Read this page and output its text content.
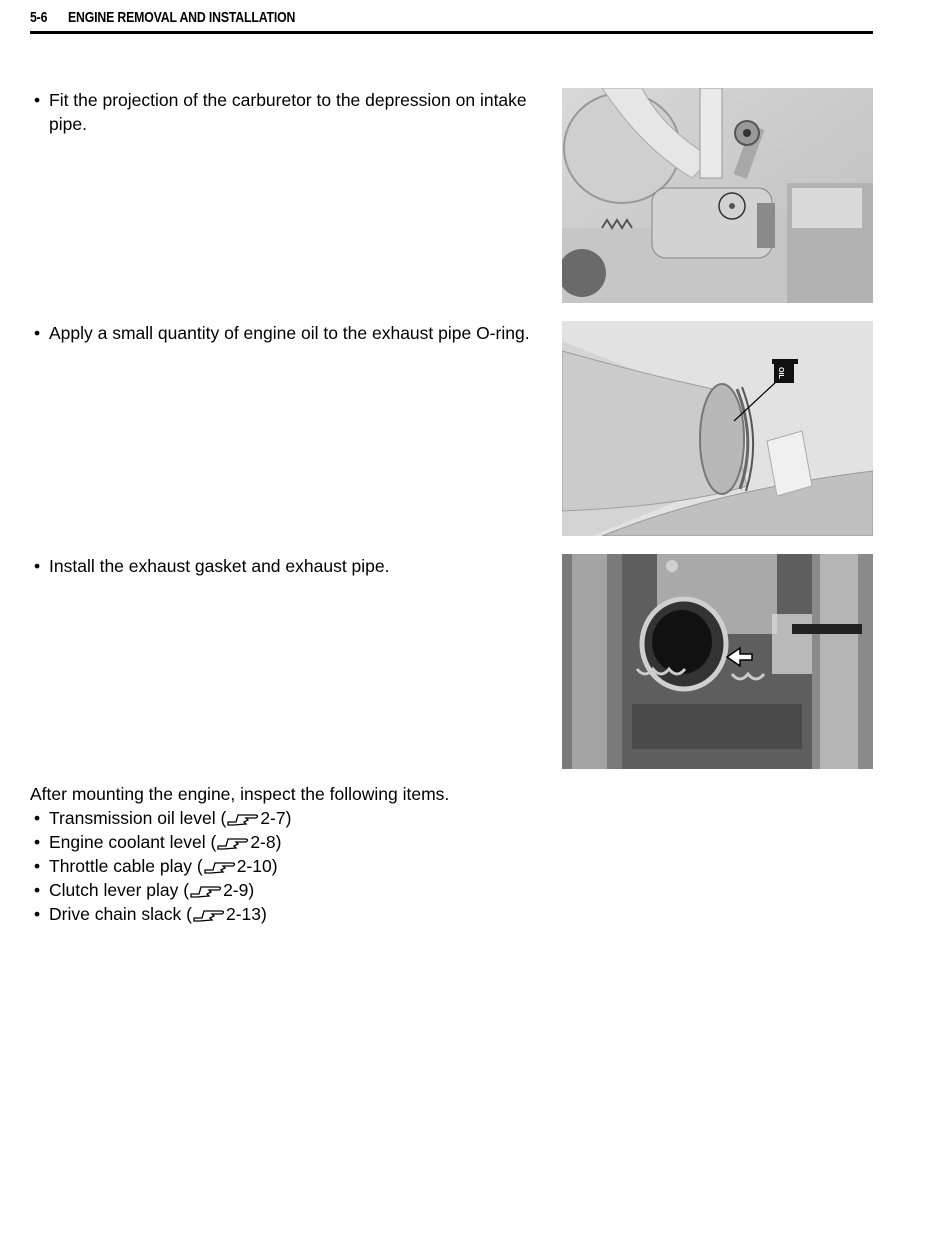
5-6 ENGINE REMOVAL AND INSTALLATION
• Fit the projection of the carburetor to the depression on intake pipe.
• Apply a small quantity of engine oil to the exhaust pipe O-ring.
OIL
• Install the exhaust gasket and exhaust pipe.
After mounting the engine, inspect the following items.
• Transmission oil level ( 2-7)
• Engine coolant level ( 2-8)
• Throttle cable play ( 2-10)
• Clutch lever play ( 2-9)
• Drive chain slack ( 2-13)
